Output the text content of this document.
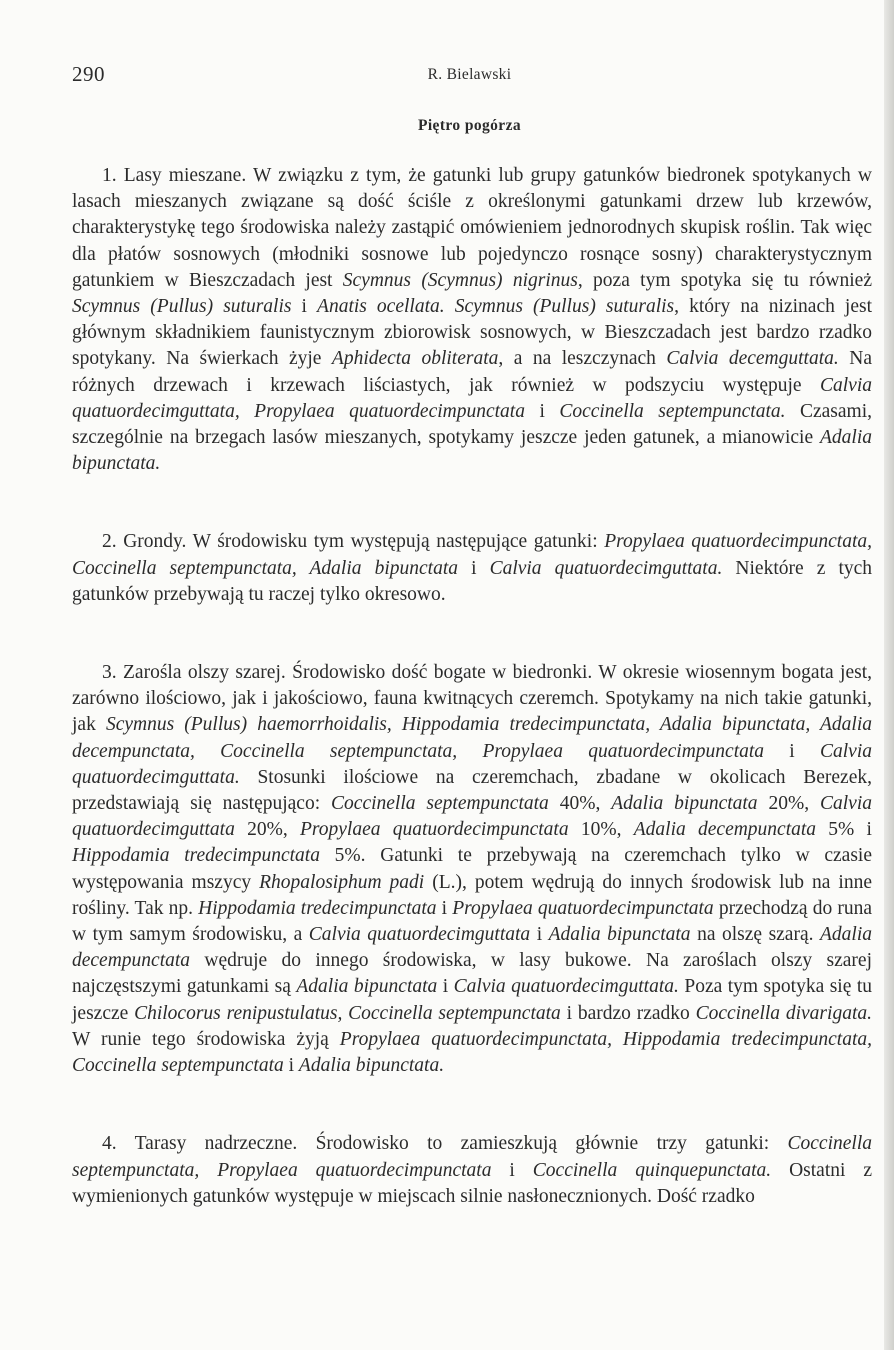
290	R. Bielawski
Piętro pogórza

1. Lasy mieszane. W związku z tym, że gatunki lub grupy gatunków biedronek spotykanych w lasach mieszanych związane są dość ściśle z określonymi gatunkami drzew lub krzewów, charakterystykę tego środowiska należy zastąpić omówieniem jednorodnych skupisk roślin. Tak więc dla płatów sosnowych (młodniki sosnowe lub pojedynczo rosnące sosny) charakterystycznym gatunkiem w Bieszczadach jest Scymnus (Scymnus) nigrinus, poza tym spotyka się tu również Scymnus (Pullus) suturalis i Anatis ocellata. Scymnus (Pullus) suturalis, który na nizinach jest głównym składnikiem faunistycznym zbiorowisk sosnowych, w Bieszczadach jest bardzo rzadko spotykany. Na świerkach żyje Aphidecta obliterata, a na leszczynach Calvia decemguttata. Na różnych drzewach i krzewach liściastych, jak również w podszyciu występuje Calvia quatuordecimguttata, Propylaea quatuordecimpunctata i Coccinella septempunctata. Czasami, szczególnie na brzegach lasów mieszanych, spotykamy jeszcze jeden gatunek, a mianowicie Adalia bipunctata.

2. Grondy. W środowisku tym występują następujące gatunki: Propylaea quatuordecimpunctata, Coccinella septempunctata, Adalia bipunctata i Calvia quatuordecimguttata. Niektóre z tych gatunków przebywają tu raczej tylko okresowo.

3. Zarośla olszy szarej. Środowisko dość bogate w biedronki. W okresie wiosennym bogata jest, zarówno ilościowo, jak i jakościowo, fauna kwitnących czeremch. Spotykamy na nich takie gatunki, jak Scymnus (Pullus) haemorrhoidalis, Hippodamia tredecimpunctata, Adalia bipunctata, Adalia decempunctata, Coccinella septempunctata, Propylaea quatuordecimpunctata i Calvia quatuordecimguttata. Stosunki ilościowe na czeremchach, zbadane w okolicach Berezek, przedstawiają się następująco: Coccinella septempunctata 40%, Adalia bipunctata 20%, Calvia quatuordecimguttata 20%, Propylaea quatuordecimpunctata 10%, Adalia decempunctata 5% i Hippodamia tredecimpunctata 5%. Gatunki te przebywają na czeremchach tylko w czasie występowania mszycy Rhopalosiphum padi (L.), potem wędrują do innych środowisk lub na inne rośliny. Tak np. Hippodamia tredecimpunctata i Propylaea quatuordecimpunctata przechodzą do runa w tym samym środowisku, a Calvia quatuordecimguttata i Adalia bipunctata na olszę szarą. Adalia decempunctata wędruje do innego środowiska, w lasy bukowe. Na zaroślach olszy szarej najczęstszymi gatunkami są Adalia bipunctata i Calvia quatuordecimguttata. Poza tym spotyka się tu jeszcze Chilocorus renipustulatus, Coccinella septempunctata i bardzo rzadko Coccinella divarigata. W runie tego środowiska żyją Propylaea quatuordecimpunctata, Hippodamia tredecimpunctata, Coccinella septempunctata i Adalia bipunctata.

4. Tarasy nadrzeczne. Środowisko to zamieszkują głównie trzy gatunki: Coccinella septempunctata, Propylaea quatuordecimpunctata i Coccinella quinquepunctata. Ostatni z wymienionych gatunków występuje w miejscach silnie nasłonecznionych. Dość rzadko
